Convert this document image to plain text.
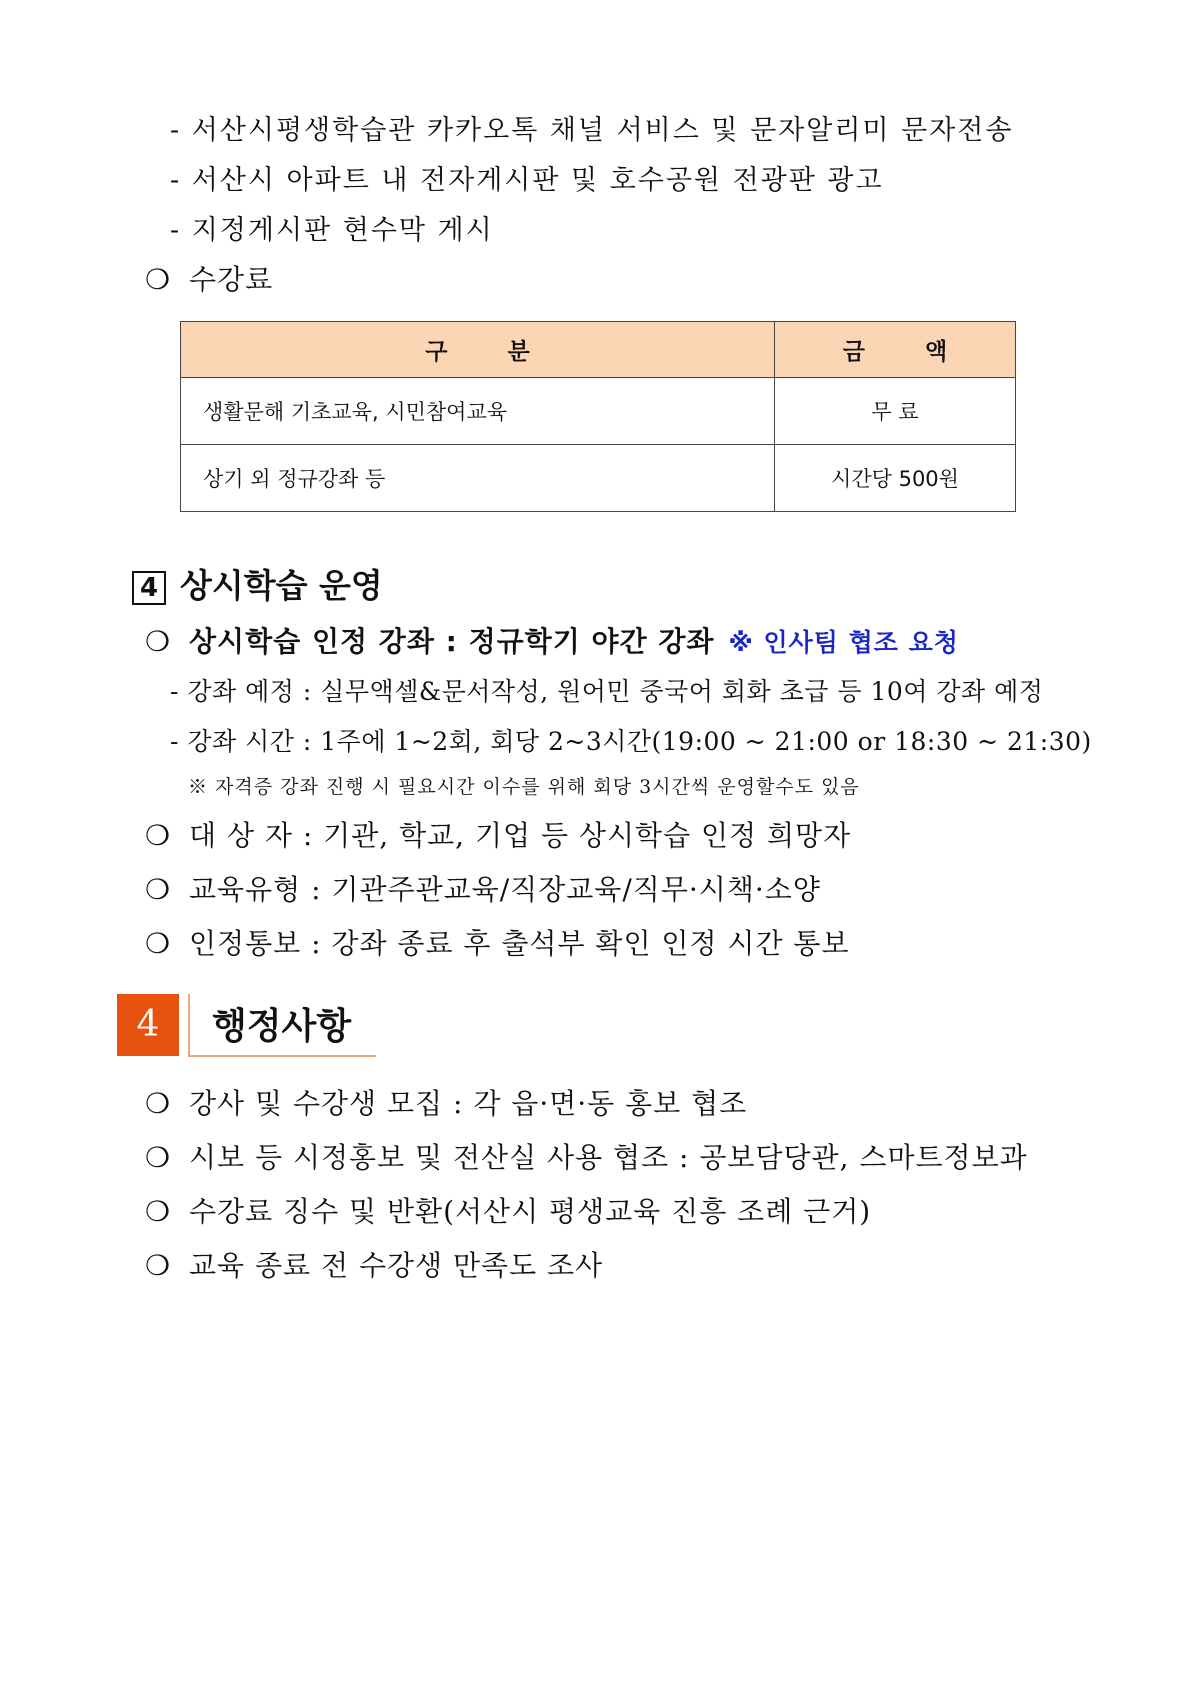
- 서산시평생학습관 카카오톡 채널 서비스 및 문자알리미 문자전송
- 서산시 아파트 내 전자게시판 및 호수공원 전광판 광고
- 지정게시판 현수막 게시
❍ 수강료
구 분	금 액
생활문해 기초교육, 시민참여교육	무 료
상기 외 정규강좌 등	시간당 500원
4 상시학습 운영
❍ 상시학습 인정 강좌 : 정규학기 야간 강좌 ※ 인사팀 협조 요청
- 강좌 예정 : 실무액셀&문서작성, 원어민 중국어 회화 초급 등 10여 강좌 예정
- 강좌 시간 : 1주에 1~2회, 회당 2~3시간(19:00 ~ 21:00 or 18:30 ~ 21:30)
※ 자격증 강좌 진행 시 필요시간 이수를 위해 회당 3시간씩 운영할수도 있음
❍ 대 상 자 : 기관, 학교, 기업 등 상시학습 인정 희망자
❍ 교육유형 : 기관주관교육/직장교육/직무·시책·소양
❍ 인정통보 : 강좌 종료 후 출석부 확인 인정 시간 통보
4	행정사항
❍ 강사 및 수강생 모집 : 각 읍·면·동 홍보 협조
❍ 시보 등 시정홍보 및 전산실 사용 협조 : 공보담당관, 스마트정보과
❍ 수강료 징수 및 반환(서산시 평생교육 진흥 조례 근거)
❍ 교육 종료 전 수강생 만족도 조사
